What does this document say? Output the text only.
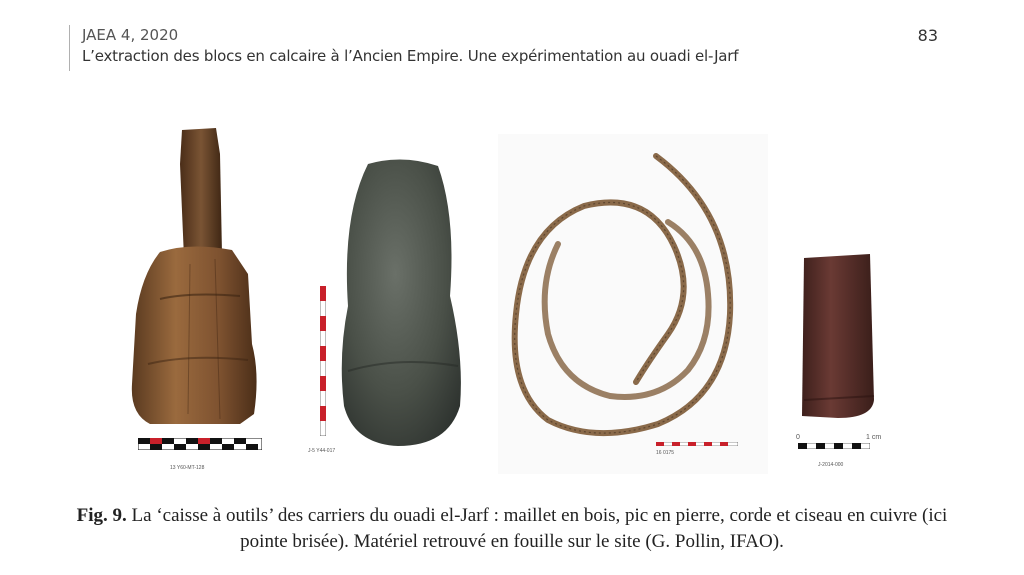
JAEA 4, 2020
L’extraction des blocs en calcaire à l’Ancien Empire. Une expérimentation au ouadi el-Jarf
83
13 Y60-MT-128
J-5 Y44-017	16 0175
0	1 cm
J-2014-000
Fig. 9. La ‘caisse à outils’ des carriers du ouadi el-Jarf : maillet en bois, pic en pierre, corde et ciseau en cuivre (ici pointe brisée). Matériel retrouvé en fouille sur le site (G. Pollin, IFAO).
